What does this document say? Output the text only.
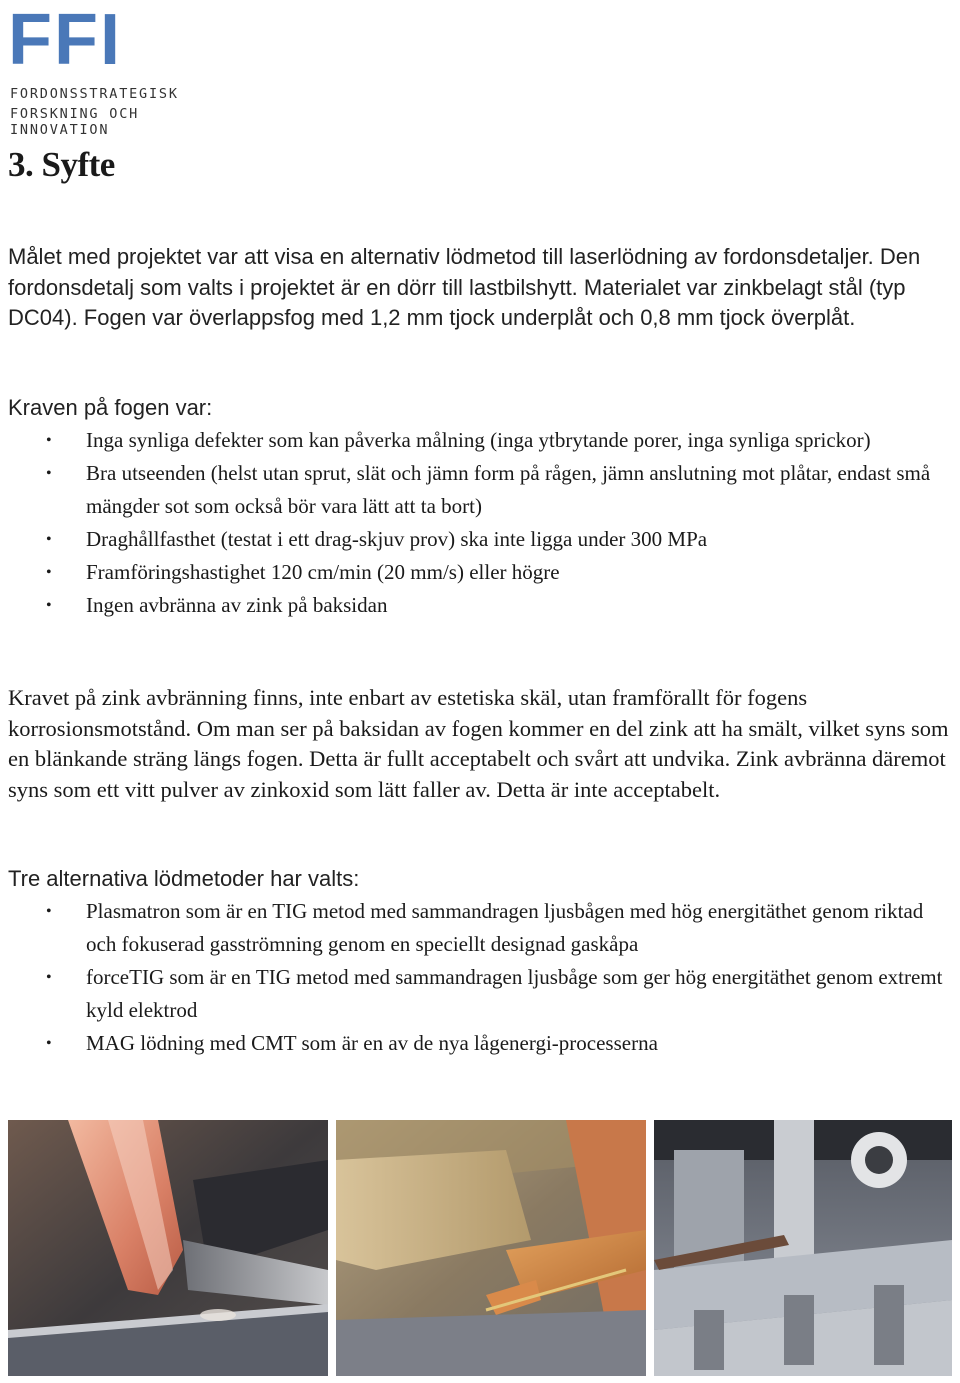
FFI
FORDONSSTRATEGISK
FORSKNING OCH INNOVATION
3. Syfte

Målet med projektet var att visa en alternativ lödmetod till laserlödning av fordonsdetaljer. Den fordonsdetalj som valts i projektet är en dörr till lastbilshytt. Materialet var zinkbelagt stål (typ DC04). Fogen var överlappsfog med 1,2 mm tjock underplåt och 0,8 mm tjock överplåt.

Kraven på fogen var:

• Inga synliga defekter som kan påverka målning (inga ytbrytande porer, inga synliga sprickor)
• Bra utseenden (helst utan sprut, slät och jämn form på rågen, jämn anslutning mot plåtar, endast små mängder sot som också bör vara lätt att ta bort)
• Draghållfasthet (testat i ett drag-skjuv prov) ska inte ligga under 300 MPa
• Framföringshastighet 120 cm/min (20 mm/s) eller högre
• Ingen avbränna av zink på baksidan

Kravet på zink avbränning finns, inte enbart av estetiska skäl, utan framförallt för fogens korrosionsmotstånd. Om man ser på baksidan av fogen kommer en del zink att ha smält, vilket syns som en blänkande sträng längs fogen. Detta är fullt acceptabelt och svårt att undvika. Zink avbränna däremot syns som ett vitt pulver av zinkoxid som lätt faller av. Detta är inte acceptabelt.

Tre alternativa lödmetoder har valts:

• Plasmatron som är en TIG metod med sammandragen ljusbågen med hög energitäthet genom riktad och fokuserad gasströmning genom en speciellt designad gaskåpa
• forceTIG som är en TIG metod med sammandragen ljusbåge som ger hög energitäthet genom extremt kyld elektrod
• MAG lödning med CMT som är en av de nya lågenergi-processerna
